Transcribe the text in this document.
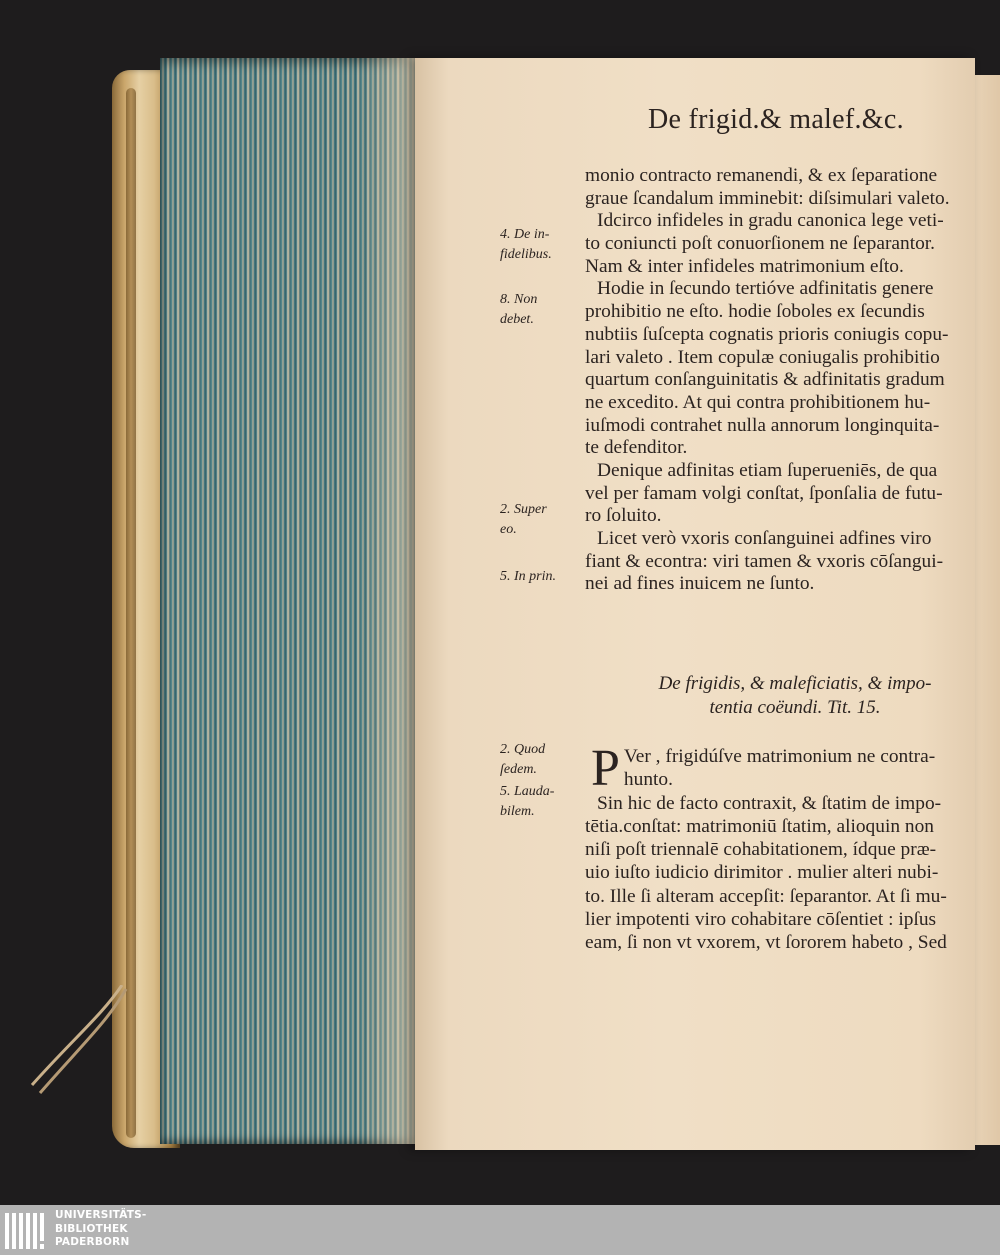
De frigid.& malef.&c.
monio contracto remanendi, & ex ſeparatione
graue ſcandalum imminebit: diſsimulari valeto.
Idcirco infideles in gradu canonica lege veti-
to coniuncti poſt conuorſionem ne ſeparantor.
Nam & inter infideles matrimonium eſto.
Hodie in ſecundo tertióve adfinitatis genere
prohibitio ne eſto. hodie ſoboles ex ſecundis
nubtiis ſuſcepta cognatis prioris coniugis copu-
lari valeto . Item copulæ coniugalis prohibitio
quartum conſanguinitatis & adfinitatis gradum
ne excedito. At qui contra prohibitionem hu-
iuſmodi contrahet nulla annorum longinquita-
te defenditor.
Denique adfinitas etiam ſuperueniēs, de qua
vel per famam volgi conſtat, ſponſalia de futu-
ro ſoluito.
Licet verò vxoris conſanguinei adfines viro
fiant & econtra: viri tamen & vxoris cōſangui-
nei ad fines inuicem ne ſunto.
4. De in-
fidelibus.
8. Non
debet.
2. Super
eo.
5. In prin.
2. Quod
ſedem.
5. Lauda-
bilem.
De frigidis, & maleficiatis, & impo-
tentia coëundi. Tit. 15.
P Ver , frigidúſve matrimonium ne contra-
hunto.
Sin hic de facto contraxit, & ſtatim de impo-
tētia.conſtat: matrimoniū ſtatim, alioquin non
niſi poſt triennalē cohabitationem, ídque præ-
uio iuſto iudicio dirimitor . mulier alteri nubi-
to. Ille ſi alteram accepſit: ſeparantor. At ſi mu-
lier impotenti viro cohabitare cōſentiet : ipſus
eam, ſi non vt vxorem, vt ſororem habeto , Sed
UNIVERSITÄTS-
BIBLIOTHEK
PADERBORN
